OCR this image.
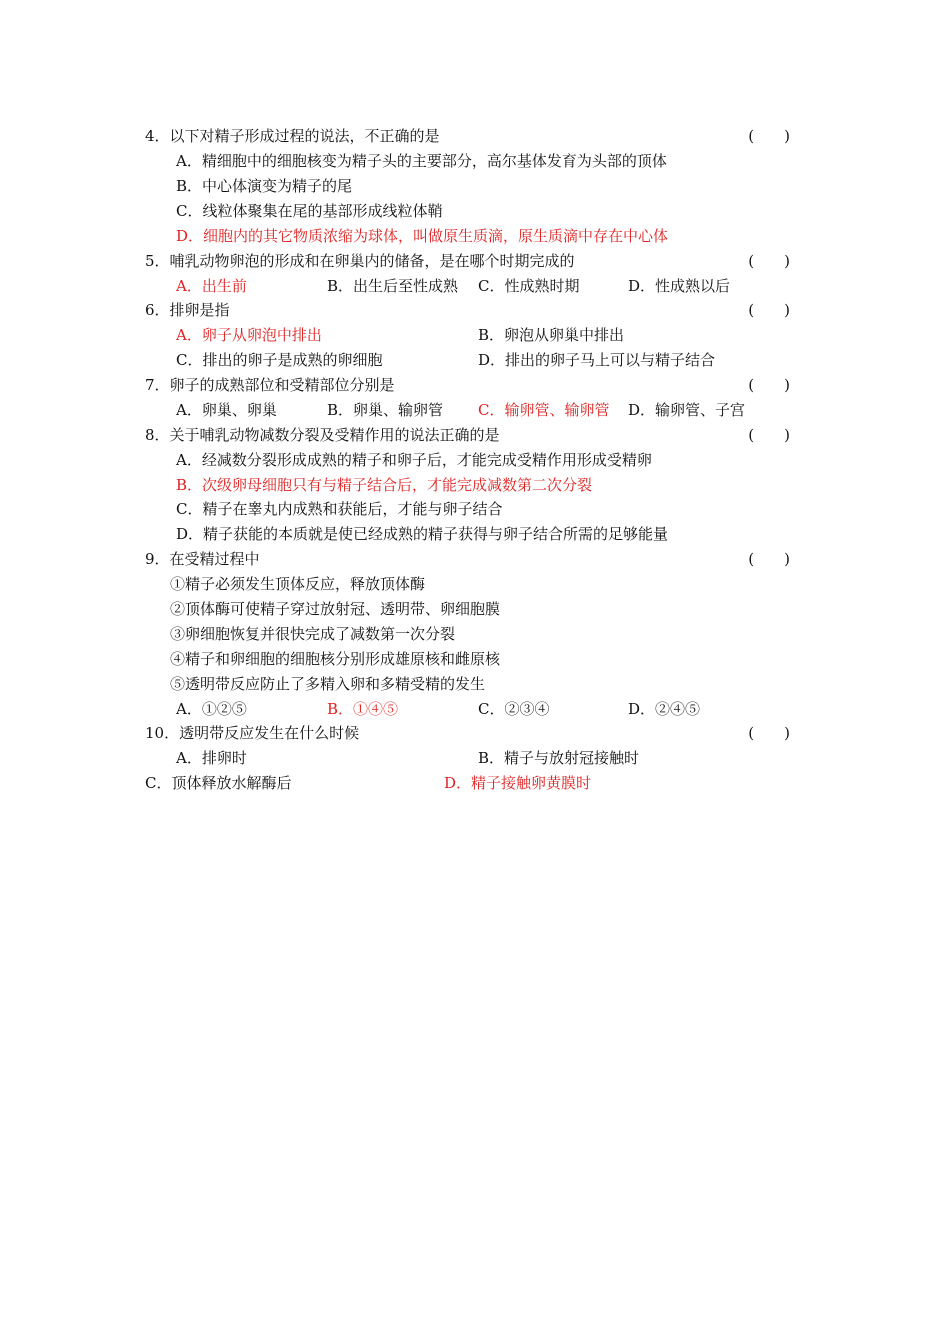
4．以下对精子形成过程的说法，不正确的是	(　　)
A．精细胞中的细胞核变为精子头的主要部分，高尔基体发育为头部的顶体
B．中心体演变为精子的尾
C．线粒体聚集在尾的基部形成线粒体鞘
D．细胞内的其它物质浓缩为球体，叫做原生质滴，原生质滴中存在中心体
5．哺乳动物卵泡的形成和在卵巢内的储备，是在哪个时期完成的	(　　)
A．出生前	B．出生后至性成熟 C．性成熟时期	D．性成熟以后
6．排卵是指	(　　)
A．卵子从卵泡中排出	B．卵泡从卵巢中排出
C．排出的卵子是成熟的卵细胞	D．排出的卵子马上可以与精子结合
7．卵子的成熟部位和受精部位分别是	(　　)
A．卵巢、卵巢	B．卵巢、输卵管 C．输卵管、输卵管 D．输卵管、子宫
8．关于哺乳动物减数分裂及受精作用的说法正确的是	(　　)
A．经减数分裂形成成熟的精子和卵子后，才能完成受精作用形成受精卵
B．次级卵母细胞只有与精子结合后，才能完成减数第二次分裂
C．精子在睾丸内成熟和获能后，才能与卵子结合
D．精子获能的本质就是使已经成熟的精子获得与卵子结合所需的足够能量
9．在受精过程中	(　　)
①精子必须发生顶体反应，释放顶体酶
②顶体酶可使精子穿过放射冠、透明带、卵细胞膜
③卵细胞恢复并很快完成了减数第一次分裂
④精子和卵细胞的细胞核分别形成雄原核和雌原核
⑤透明带反应防止了多精入卵和多精受精的发生
A．①②⑤	B．①④⑤	C．②③④	D．②④⑤
10．透明带反应发生在什么时候	(　　)
A．排卵时	B．精子与放射冠接触时
C．顶体释放水解酶后	D．精子接触卵黄膜时
